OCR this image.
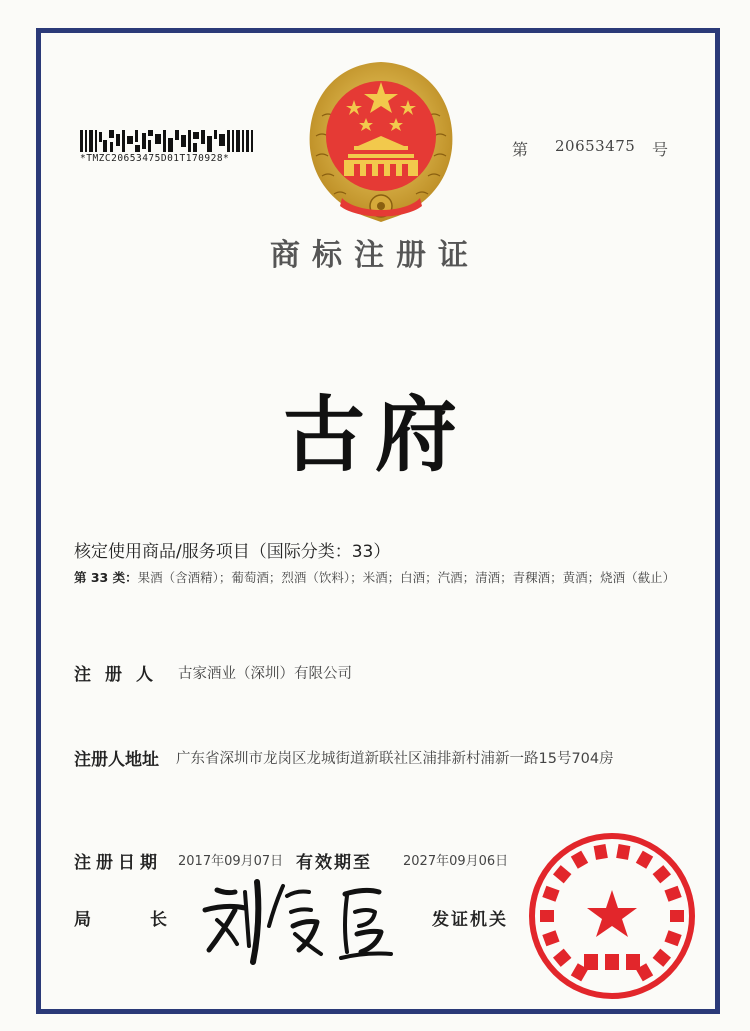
*TMZC20653475D01T170928*	第 20653475 号
商标注册证
古府
核定使用商品/服务项目（国际分类：33）
第 33 类：果酒（含酒精）；葡萄酒；烈酒（饮料）；米酒；白酒；汽酒；清酒；青稞酒；黄酒；烧酒（截止）
注册人 古家酒业（深圳）有限公司
注册人地址 广东省深圳市龙岗区龙城街道新联社区浦排新村浦新一路15号704房
注册日期 2017年09月07日 有效期至 2027年09月06日
局	长	发证机关
